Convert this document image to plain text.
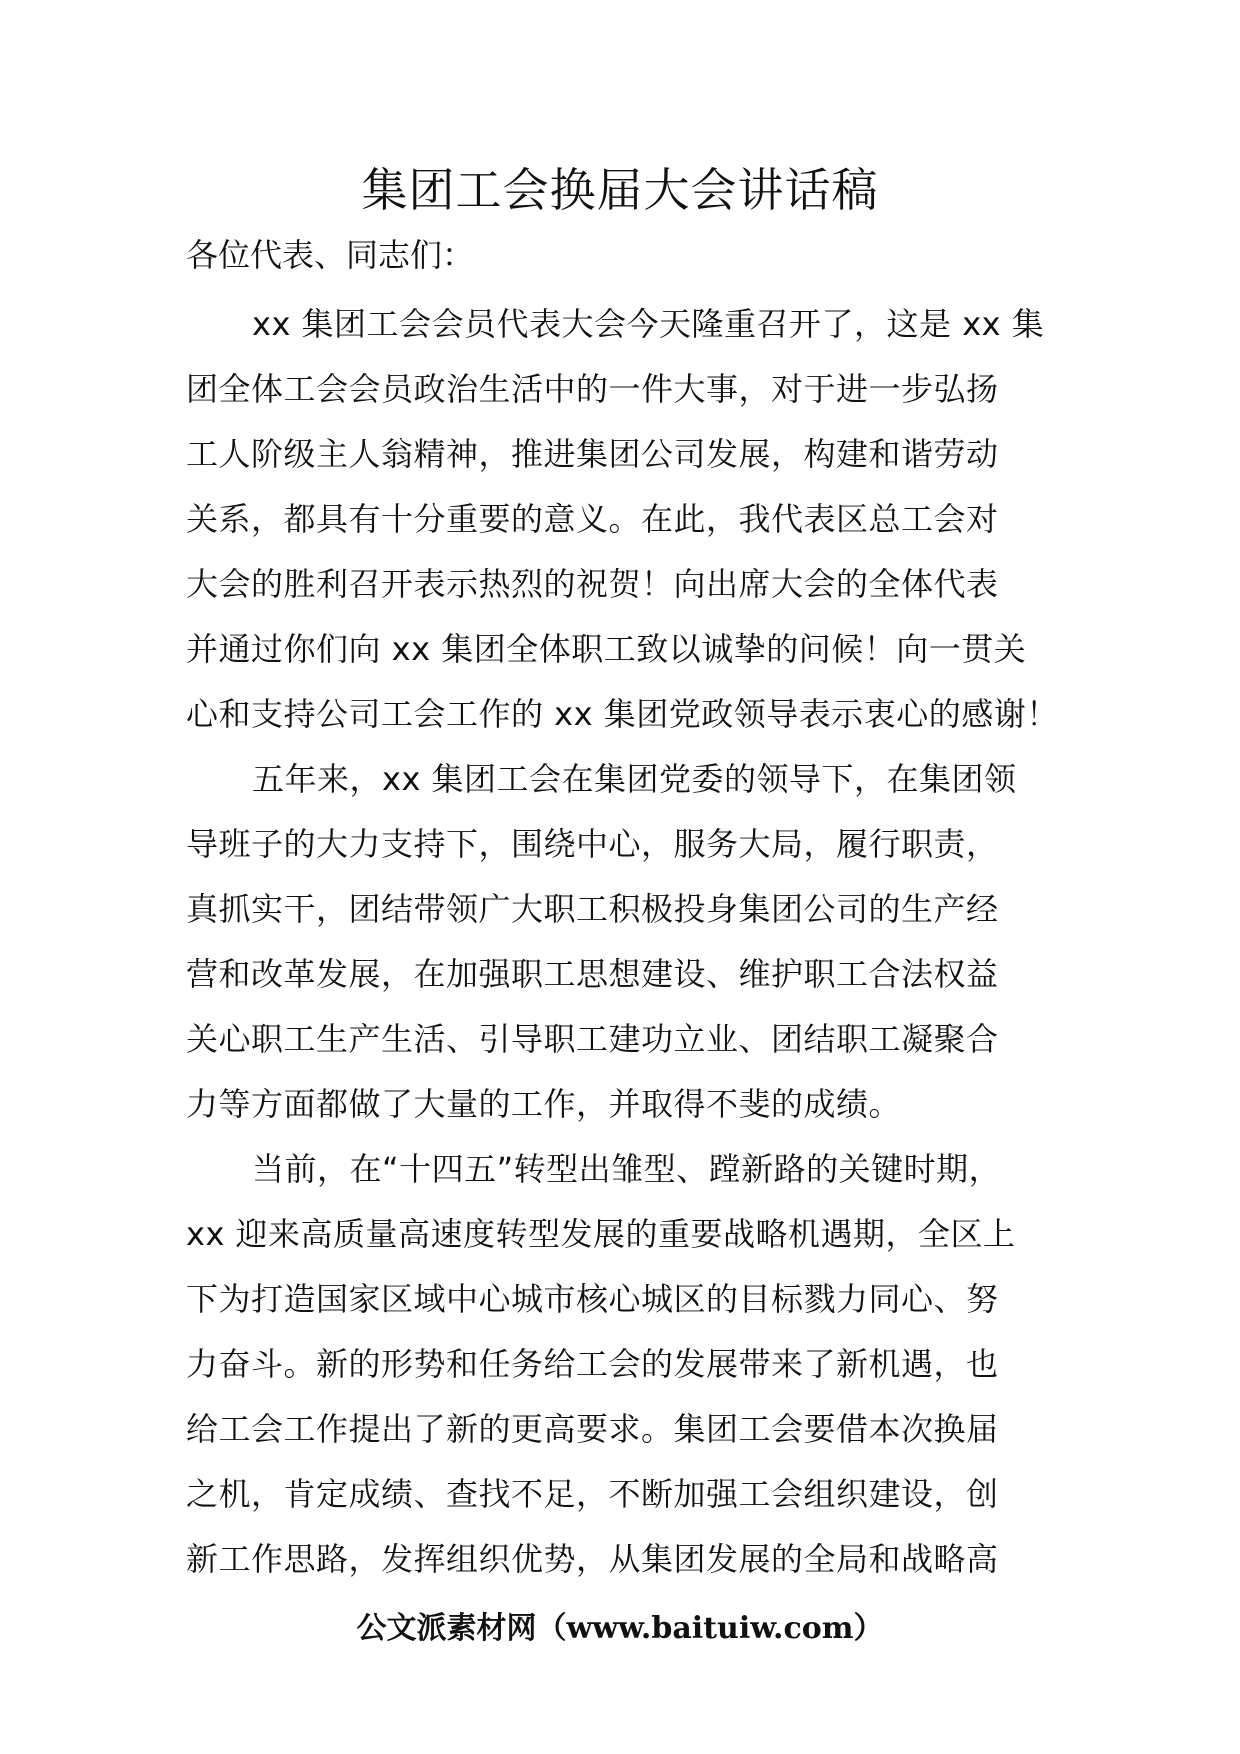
集团工会换届大会讲话稿

各位代表、同志们：

xx 集团工会会员代表大会今天隆重召开了，这是 xx 集
团全体工会会员政治生活中的一件大事，对于进一步弘扬
工人阶级主人翁精神，推进集团公司发展，构建和谐劳动
关系，都具有十分重要的意义。在此，我代表区总工会对
大会的胜利召开表示热烈的祝贺！向出席大会的全体代表
并通过你们向 xx 集团全体职工致以诚挚的问候！向一贯关
心和支持公司工会工作的 xx 集团党政领导表示衷心的感谢！
五年来，xx 集团工会在集团党委的领导下，在集团领
导班子的大力支持下，围绕中心，服务大局，履行职责，
真抓实干，团结带领广大职工积极投身集团公司的生产经
营和改革发展，在加强职工思想建设、维护职工合法权益
关心职工生产生活、引导职工建功立业、团结职工凝聚合
力等方面都做了大量的工作，并取得不斐的成绩。
当前，在“十四五”转型出雏型、蹚新路的关键时期，
xx 迎来高质量高速度转型发展的重要战略机遇期，全区上
下为打造国家区域中心城市核心城区的目标戮力同心、努
力奋斗。新的形势和任务给工会的发展带来了新机遇，也
给工会工作提出了新的更高要求。集团工会要借本次换届
之机，肯定成绩、查找不足，不断加强工会组织建设，创
新工作思路，发挥组织优势，从集团发展的全局和战略高
公文派素材网（www.baituiw.com）
